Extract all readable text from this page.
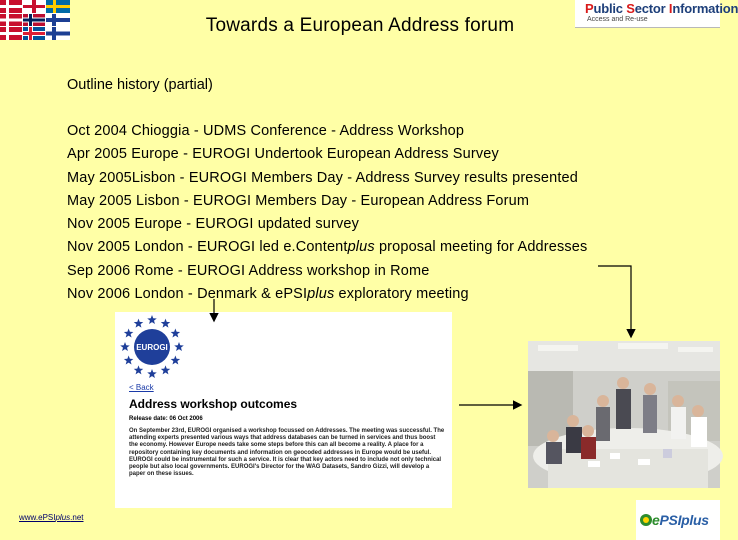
Towards a European Address forum
Public Sector Information
Access and Re-use
Outline history (partial)
Oct 2004 Chioggia - UDMS Conference - Address Workshop
Apr 2005 Europe - EUROGI Undertook European Address Survey
May 2005Lisbon - EUROGI Members Day - Address Survey results presented
May 2005 Lisbon - EUROGI Members Day - European Address Forum
Nov 2005 Europe - EUROGI updated survey
Nov 2005 London - EUROGI led e.Contentplus proposal meeting for Addresses
Sep 2006 Rome - EUROGI Address workshop in Rome
Nov 2006 London - Denmark & ePSIplus exploratory meeting
EUROGI
< Back
Address workshop outcomes
Release date: 06 Oct 2006
On September 23rd, EUROGI organised a workshop focussed on Addresses. The meeting was successful. The attending experts presented various ways that address databases can be turned in services and thus boost the economy. However Europe needs take some steps before this can all become a reality. A place for a repository containing key documents and information on geocoded addresses in Europe would be useful. EUROGI could be instrumental for such a service. It is clear that key actors need to include not only technical people but also local governments. EUROGI's Director for the WAG Datasets, Sandro Gizzi, will develop a paper on these issues.
www.ePSIplus.net	ePSIplus
